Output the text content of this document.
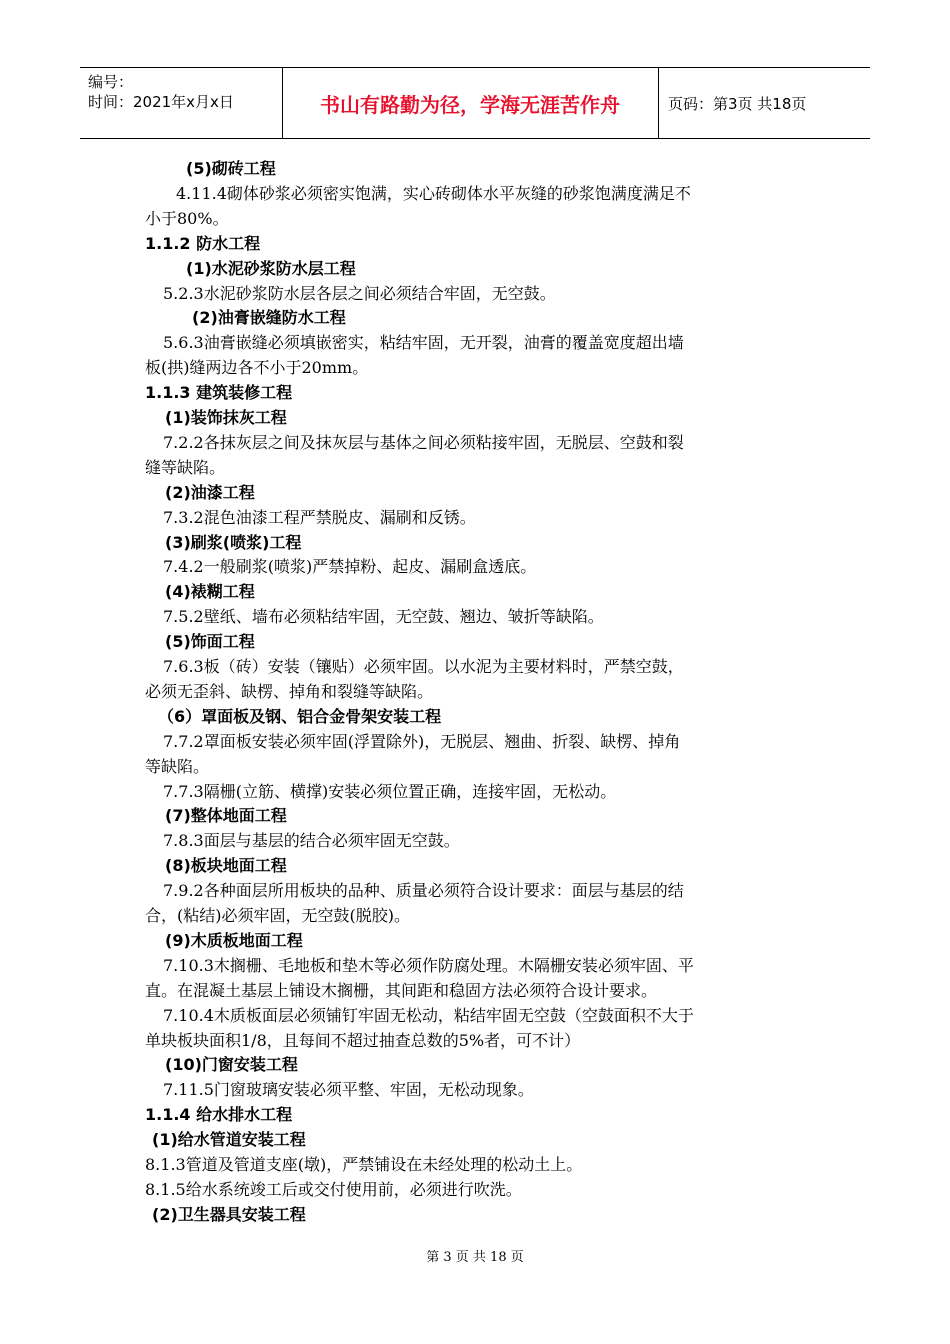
编号：
时间：2021年x月x日	书山有路勤为径，学海无涯苦作舟	页码：第3页 共18页
(5)砌砖工程
4.11.4砌体砂浆必须密实饱满，实心砖砌体水平灰缝的砂浆饱满度满足不
小于80%。
1.1.2 防水工程
(1)水泥砂浆防水层工程
5.2.3水泥砂浆防水层各层之间必须结合牢固，无空鼓。
(2)油膏嵌缝防水工程
5.6.3油膏嵌缝必须填嵌密实，粘结牢固，无开裂，油膏的覆盖宽度超出墙
板(拱)缝两边各不小于20mm。
1.1.3 建筑装修工程
(1)装饰抹灰工程
7.2.2各抹灰层之间及抹灰层与基体之间必须粘接牢固，无脱层、空鼓和裂
缝等缺陷。
(2)油漆工程
7.3.2混色油漆工程严禁脱皮、漏刷和反锈。
(3)刷浆(喷浆)工程
7.4.2一般刷浆(喷浆)严禁掉粉、起皮、漏刷盒透底。
(4)裱糊工程
7.5.2壁纸、墙布必须粘结牢固，无空鼓、翘边、皱折等缺陷。
(5)饰面工程
7.6.3板（砖）安装（镶贴）必须牢固。以水泥为主要材料时，严禁空鼓，
必须无歪斜、缺楞、掉角和裂缝等缺陷。
（6）罩面板及钢、铝合金骨架安装工程
7.7.2罩面板安装必须牢固(浮置除外)，无脱层、翘曲、折裂、缺楞、掉角
等缺陷。
7.7.3隔栅(立筋、横撑)安装必须位置正确，连接牢固，无松动。
(7)整体地面工程
7.8.3面层与基层的结合必须牢固无空鼓。
(8)板块地面工程
7.9.2各种面层所用板块的品种、质量必须符合设计要求：面层与基层的结
合，(粘结)必须牢固，无空鼓(脱胶)。
(9)木质板地面工程
7.10.3木搁栅、毛地板和垫木等必须作防腐处理。木隔栅安装必须牢固、平
直。在混凝土基层上铺设木搁栅，其间距和稳固方法必须符合设计要求。
7.10.4木质板面层必须铺钉牢固无松动，粘结牢固无空鼓（空鼓面积不大于
单块板块面积1/8，且每间不超过抽查总数的5%者，可不计）
(10)门窗安装工程
7.11.5门窗玻璃安装必须平整、牢固，无松动现象。
1.1.4 给水排水工程
(1)给水管道安装工程
8.1.3管道及管道支座(墩)，严禁铺设在未经处理的松动土上。
8.1.5给水系统竣工后或交付使用前，必须进行吹洗。
(2)卫生器具安装工程
第 3 页 共 18 页
